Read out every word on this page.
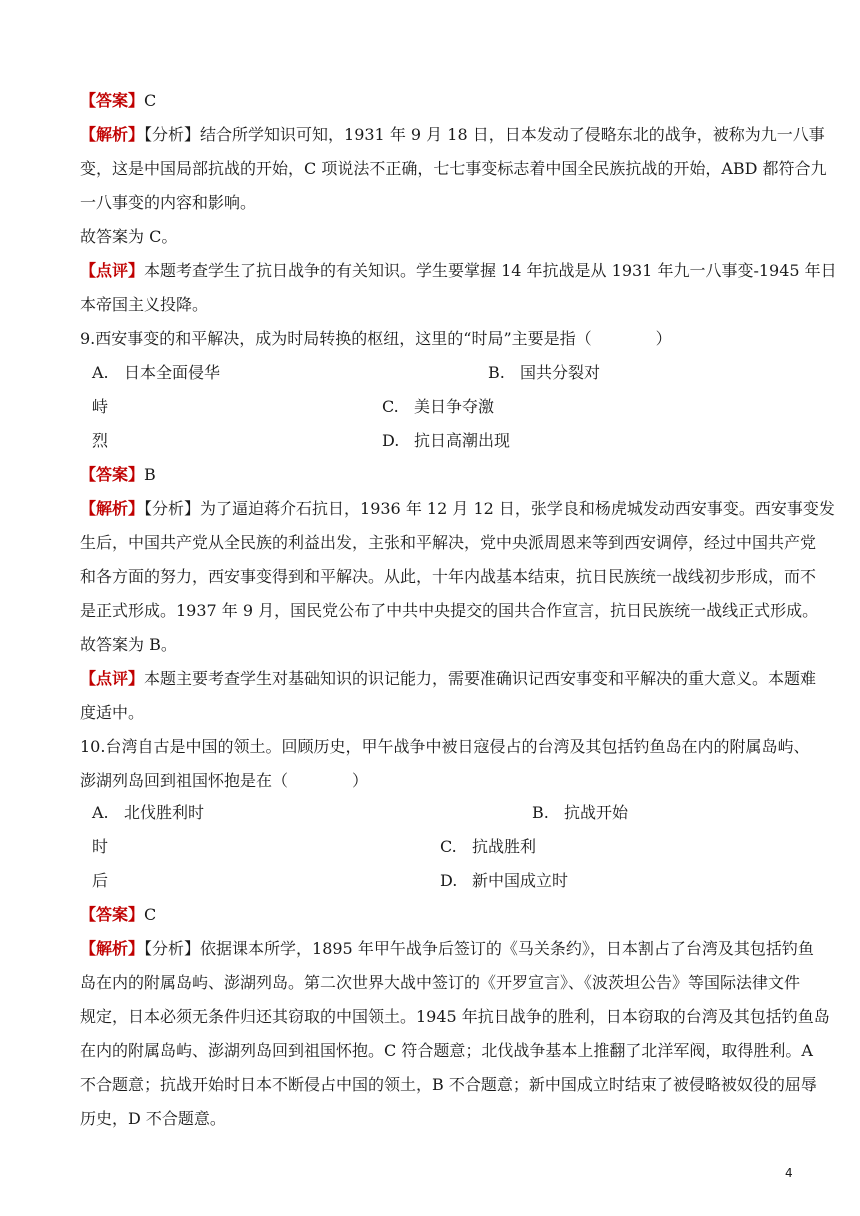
【答案】C
【解析】【分析】结合所学知识可知，1931 年 9 月 18 日，日本发动了侵略东北的战争，被称为九一八事
变，这是中国局部抗战的开始，C 项说法不正确，七七事变标志着中国全民族抗战的开始，ABD 都符合九
一八事变的内容和影响。
故答案为 C。
【点评】本题考查学生了抗日战争的有关知识。学生要掌握 14 年抗战是从 1931 年九一八事变-1945 年日
本帝国主义投降。
9.西安事变的和平解决，成为时局转换的枢纽，这里的“时局”主要是指（　　　　）
A. 日本全面侵华	B. 国共分裂对
峙	C. 美日争夺激
烈	D. 抗日高潮出现
【答案】B
【解析】【分析】为了逼迫蒋介石抗日，1936 年 12 月 12 日，张学良和杨虎城发动西安事变。西安事变发
生后，中国共产党从全民族的利益出发，主张和平解决，党中央派周恩来等到西安调停，经过中国共产党
和各方面的努力，西安事变得到和平解决。从此，十年内战基本结束，抗日民族统一战线初步形成，而不
是正式形成。1937 年 9 月，国民党公布了中共中央提交的国共合作宣言，抗日民族统一战线正式形成。
故答案为 B。
【点评】本题主要考查学生对基础知识的识记能力，需要准确识记西安事变和平解决的重大意义。本题难
度适中。
10.台湾自古是中国的领土。回顾历史，甲午战争中被日寇侵占的台湾及其包括钓鱼岛在内的附属岛屿、
澎湖列岛回到祖国怀抱是在（　　　　）
A. 北伐胜利时	B. 抗战开始
时	C. 抗战胜利
后	D. 新中国成立时
【答案】C
【解析】【分析】依据课本所学，1895 年甲午战争后签订的《马关条约》，日本割占了台湾及其包括钓鱼
岛在内的附属岛屿、澎湖列岛。第二次世界大战中签订的《开罗宣言》、《波茨坦公告》等国际法律文件
规定，日本必须无条件归还其窃取的中国领土。1945 年抗日战争的胜利，日本窃取的台湾及其包括钓鱼岛
在内的附属岛屿、澎湖列岛回到祖国怀抱。C 符合题意；北伐战争基本上推翻了北洋军阀，取得胜利。A
不合题意；抗战开始时日本不断侵占中国的领土，B 不合题意；新中国成立时结束了被侵略被奴役的屈辱
历史，D 不合题意。
4
